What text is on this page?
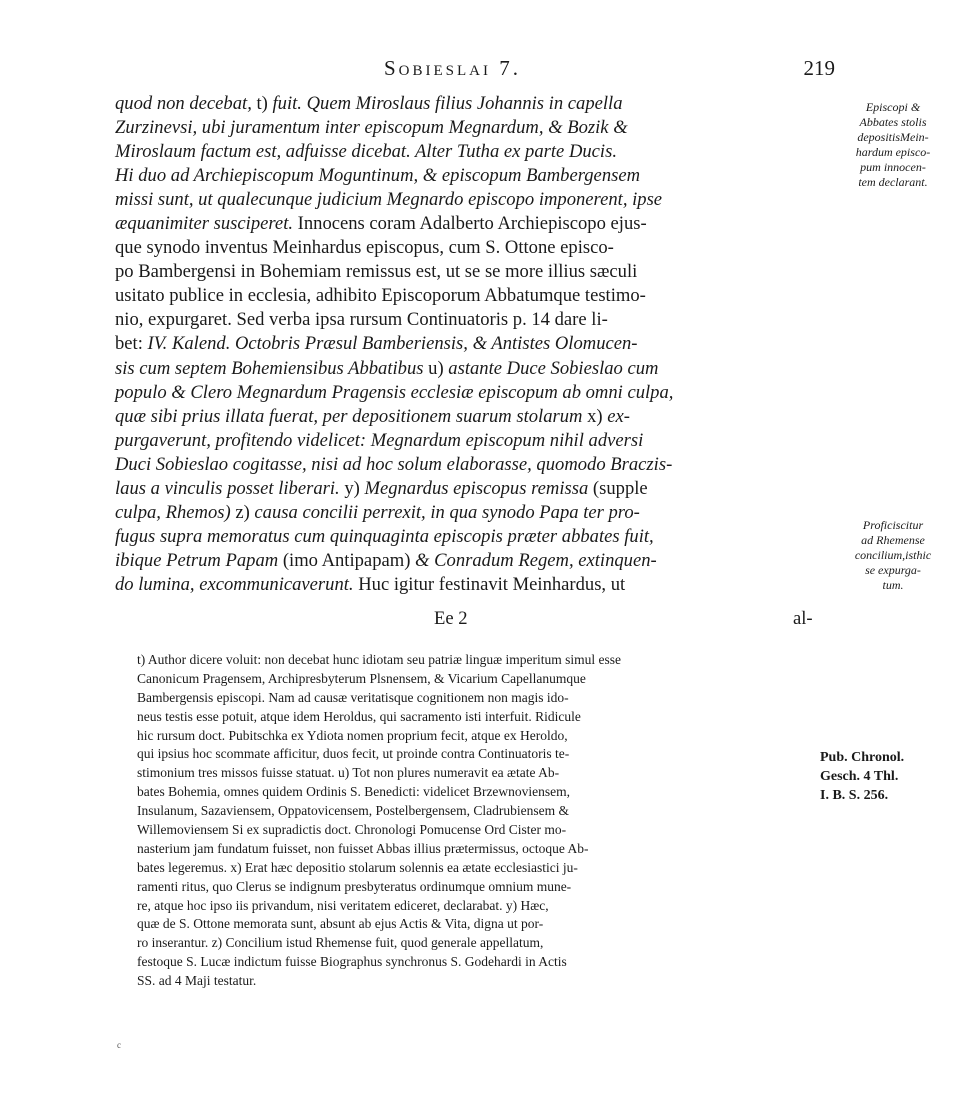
Sobieslai 7.	219
quod non decebat, t) fuit. Quem Miroslaus filius Johannis in capella
Zurzinevsi, ubi juramentum inter episcopum Megnardum, & Bozik &
Miroslaum factum est, adfuisse dicebat. Alter Tutha ex parte Ducis.
Hi duo ad Archiepiscopum Moguntinum, & episcopum Bambergensem
missi sunt, ut qualecunque judicium Megnardo episcopo imponerent, ipse
æquanimiter susciperet. Innocens coram Adalberto Archiepiscopo ejus-
que synodo inventus Meinhardus episcopus, cum S. Ottone episco-
po Bambergensi in Bohemiam remissus est, ut se se more illius sæculi
usitato publice in ecclesia, adhibito Episcoporum Abbatumque testimo-
nio, expurgaret. Sed verba ipsa rursum Continuatoris p. 14 dare li-
bet: IV. Kalend. Octobris Præsul Bamberiensis, & Antistes Olomucen-
sis cum septem Bohemiensibus Abbatibus u) astante Duce Sobieslao cum
populo & Clero Megnardum Pragensis ecclesiæ episcopum ab omni culpa,
quæ sibi prius illata fuerat, per depositionem suarum stolarum x) ex-
purgaverunt, profitendo videlicet: Megnardum episcopum nihil adversi
Duci Sobieslao cogitasse, nisi ad hoc solum elaborasse, quomodo Braczis-
laus a vinculis posset liberari. y) Megnardus episcopus remissa (supple
culpa, Rhemos) z) causa concilii perrexit, in qua synodo Papa ter pro-
fugus supra memoratus cum quinquaginta episcopis præter abbates fuit,
ibique Petrum Papam (imo Antipapam) & Conradum Regem, extinquen-
do lumina, excommunicaverunt. Huc igitur festinavit Meinhardus, ut
Episcopi &
Abbates stolis
depositisMein-
hardum episco-
pum innocen-
tem declarant.
Proficiscitur
ad Rhemense
concilium,isthic
se expurga-
tum.
Ee 2	al-
t) Author dicere voluit: non decebat hunc idiotam seu patriæ linguæ imperitum simul esse
Canonicum Pragensem, Archipresbyterum Plsnensem, & Vicarium Capellanumque
Bambergensis episcopi. Nam ad causæ veritatisque cognitionem non magis ido-
neus testis esse potuit, atque idem Heroldus, qui sacramento isti interfuit. Ridicule
hic rursum doct. Pubitschka ex Ydiota nomen proprium fecit, atque ex Heroldo,
qui ipsius hoc scommate afficitur, duos fecit, ut proinde contra Continuatoris te-
stimonium tres missos fuisse statuat. u) Tot non plures numeravit ea ætate Ab-
bates Bohemia, omnes quidem Ordinis S. Benedicti: videlicet Brzewnoviensem,
Insulanum, Sazaviensem, Oppatovicensem, Postelbergensem, Cladrubiensem &
Willemoviensem Si ex supradictis doct. Chronologi Pomucense Ord Cister mo-
nasterium jam fundatum fuisset, non fuisset Abbas illius prætermissus, octoque Ab-
bates legeremus. x) Erat hæc depositio stolarum solennis ea ætate ecclesiastici ju-
ramenti ritus, quo Clerus se indignum presbyteratus ordinumque omnium mune-
re, atque hoc ipso iis privandum, nisi veritatem ediceret, declarabat. y) Hæc,
quæ de S. Ottone memorata sunt, absunt ab ejus Actis & Vita, digna ut por-
ro inserantur. z) Concilium istud Rhemense fuit, quod generale appellatum,
festoque S. Lucæ indictum fuisse Biographus synchronus S. Godehardi in Actis
SS. ad 4 Maji testatur.
Pub. Chronol.
Gesch. 4 Thl.
I. B. S. 256.
c
